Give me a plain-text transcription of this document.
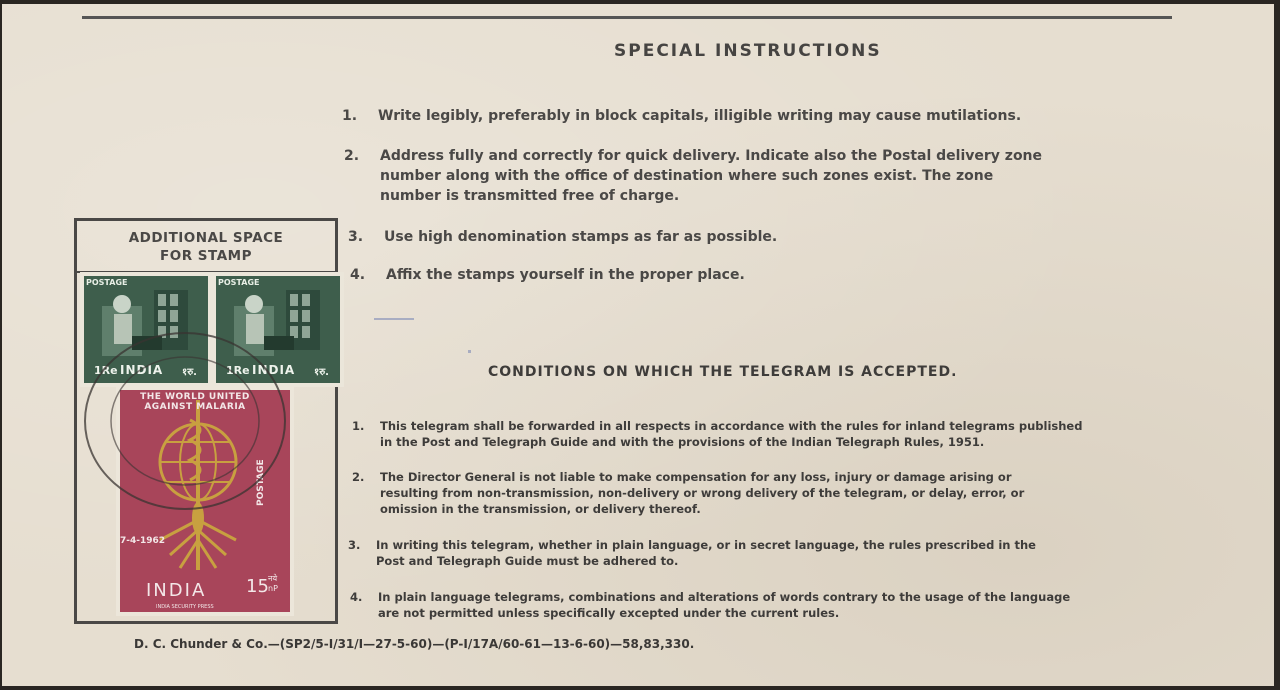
SPECIAL INSTRUCTIONS
1. Write legibly, preferably in block capitals, illigible writing may cause mutilations.
2. Address fully and correctly for quick delivery. Indicate also the Postal delivery zone
number along with the office of destination where such zones exist. The zone
number is transmitted free of charge.
3. Use high denomination stamps as far as possible.
4. Affix the stamps yourself in the proper place.
CONDITIONS ON WHICH THE TELEGRAM IS ACCEPTED.
1. This telegram shall be forwarded in all respects in accordance with the rules for inland telegrams published
in the Post and Telegraph Guide and with the provisions of the Indian Telegraph Rules, 1951.
2. The Director General is not liable to make compensation for any loss, injury or damage arising or
resulting from non-transmission, non-delivery or wrong delivery of the telegram, or delay, error, or
omission in the transmission, or delivery thereof.
3. In writing this telegram, whether in plain language, or in secret language, the rules prescribed in the
Post and Telegraph Guide must be adhered to.
4. In plain language telegrams, combinations and alterations of words contrary to the usage of the language
are not permitted unless specifically excepted under the current rules.
D. C. Chunder & Co.—(SP2/5-I/31/I—27-5-60)—(P-I/17A/60-61—13-6-60)—58,83,330.
ADDITIONAL SPACE
FOR STAMP
POSTAGE
1Re INDIA १रु.
POSTAGE
1Re INDIA १रु.
THE WORLD UNITED AGAINST MALARIA
7-4-1962
POSTAGE
INDIA 15 नये
nP
INDIA SECURITY PRESS
